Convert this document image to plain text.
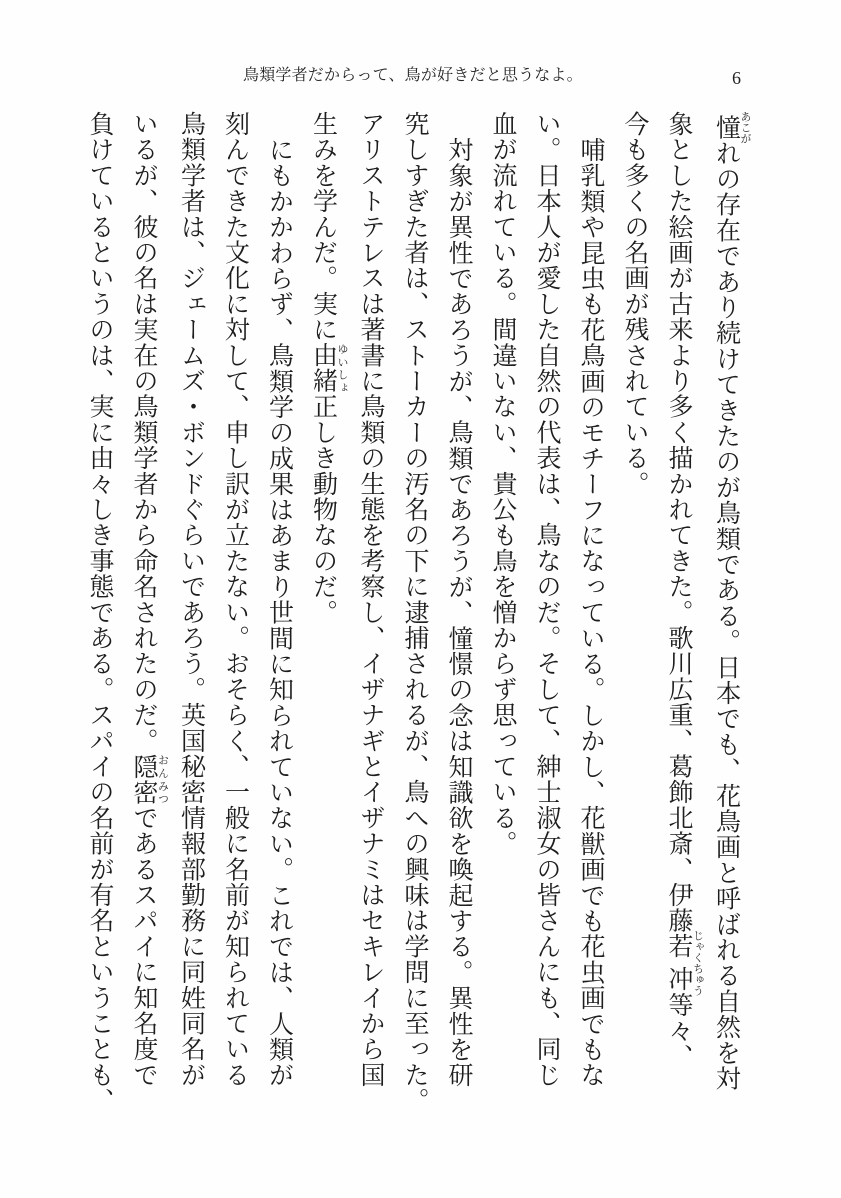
鳥類学者だからって、鳥が好きだと思うなよ。	6
憧 あこがれの存在であり続けてきたのが鳥類である。日本でも、花鳥画と呼ばれる自然を対
象とした絵画が古来より多く描かれてきた。歌川広重、葛飾北斎、伊藤若冲 じゃくちゅう等々、
今も多くの名画が残されている。
哺乳類や昆虫も花鳥画のモチーフになっている。しかし、花獣画でも花虫画でもな
い。日本人が愛した自然の代表は、鳥なのだ。そして、紳士淑女の皆さんにも、同じ
血が流れている。間違いない、貴公も鳥を憎からず思っている。
対象が異性であろうが、鳥類であろうが、憧憬の念は知識欲を喚起する。異性を研
究しすぎた者は、ストーカーの汚名の下に逮捕されるが、鳥への興味は学問に至った。
アリストテレスは著書に鳥類の生態を考察し、イザナギとイザナミはセキレイから国
生みを学んだ。実に由緒 ゆいしょ正しき動物なのだ。
にもかかわらず、鳥類学の成果はあまり世間に知られていない。これでは、人類が
刻んできた文化に対して、申し訳が立たない。おそらく、一般に名前が知られている
鳥類学者は、ジェームズ・ボンドぐらいであろう。英国秘密情報部勤務に同姓同名が
いるが、彼の名は実在の鳥類学者から命名されたのだ。隠密 おんみつであるスパイに知名度で
負けているというのは、実に由々しき事態である。スパイの名前が有名ということも、
